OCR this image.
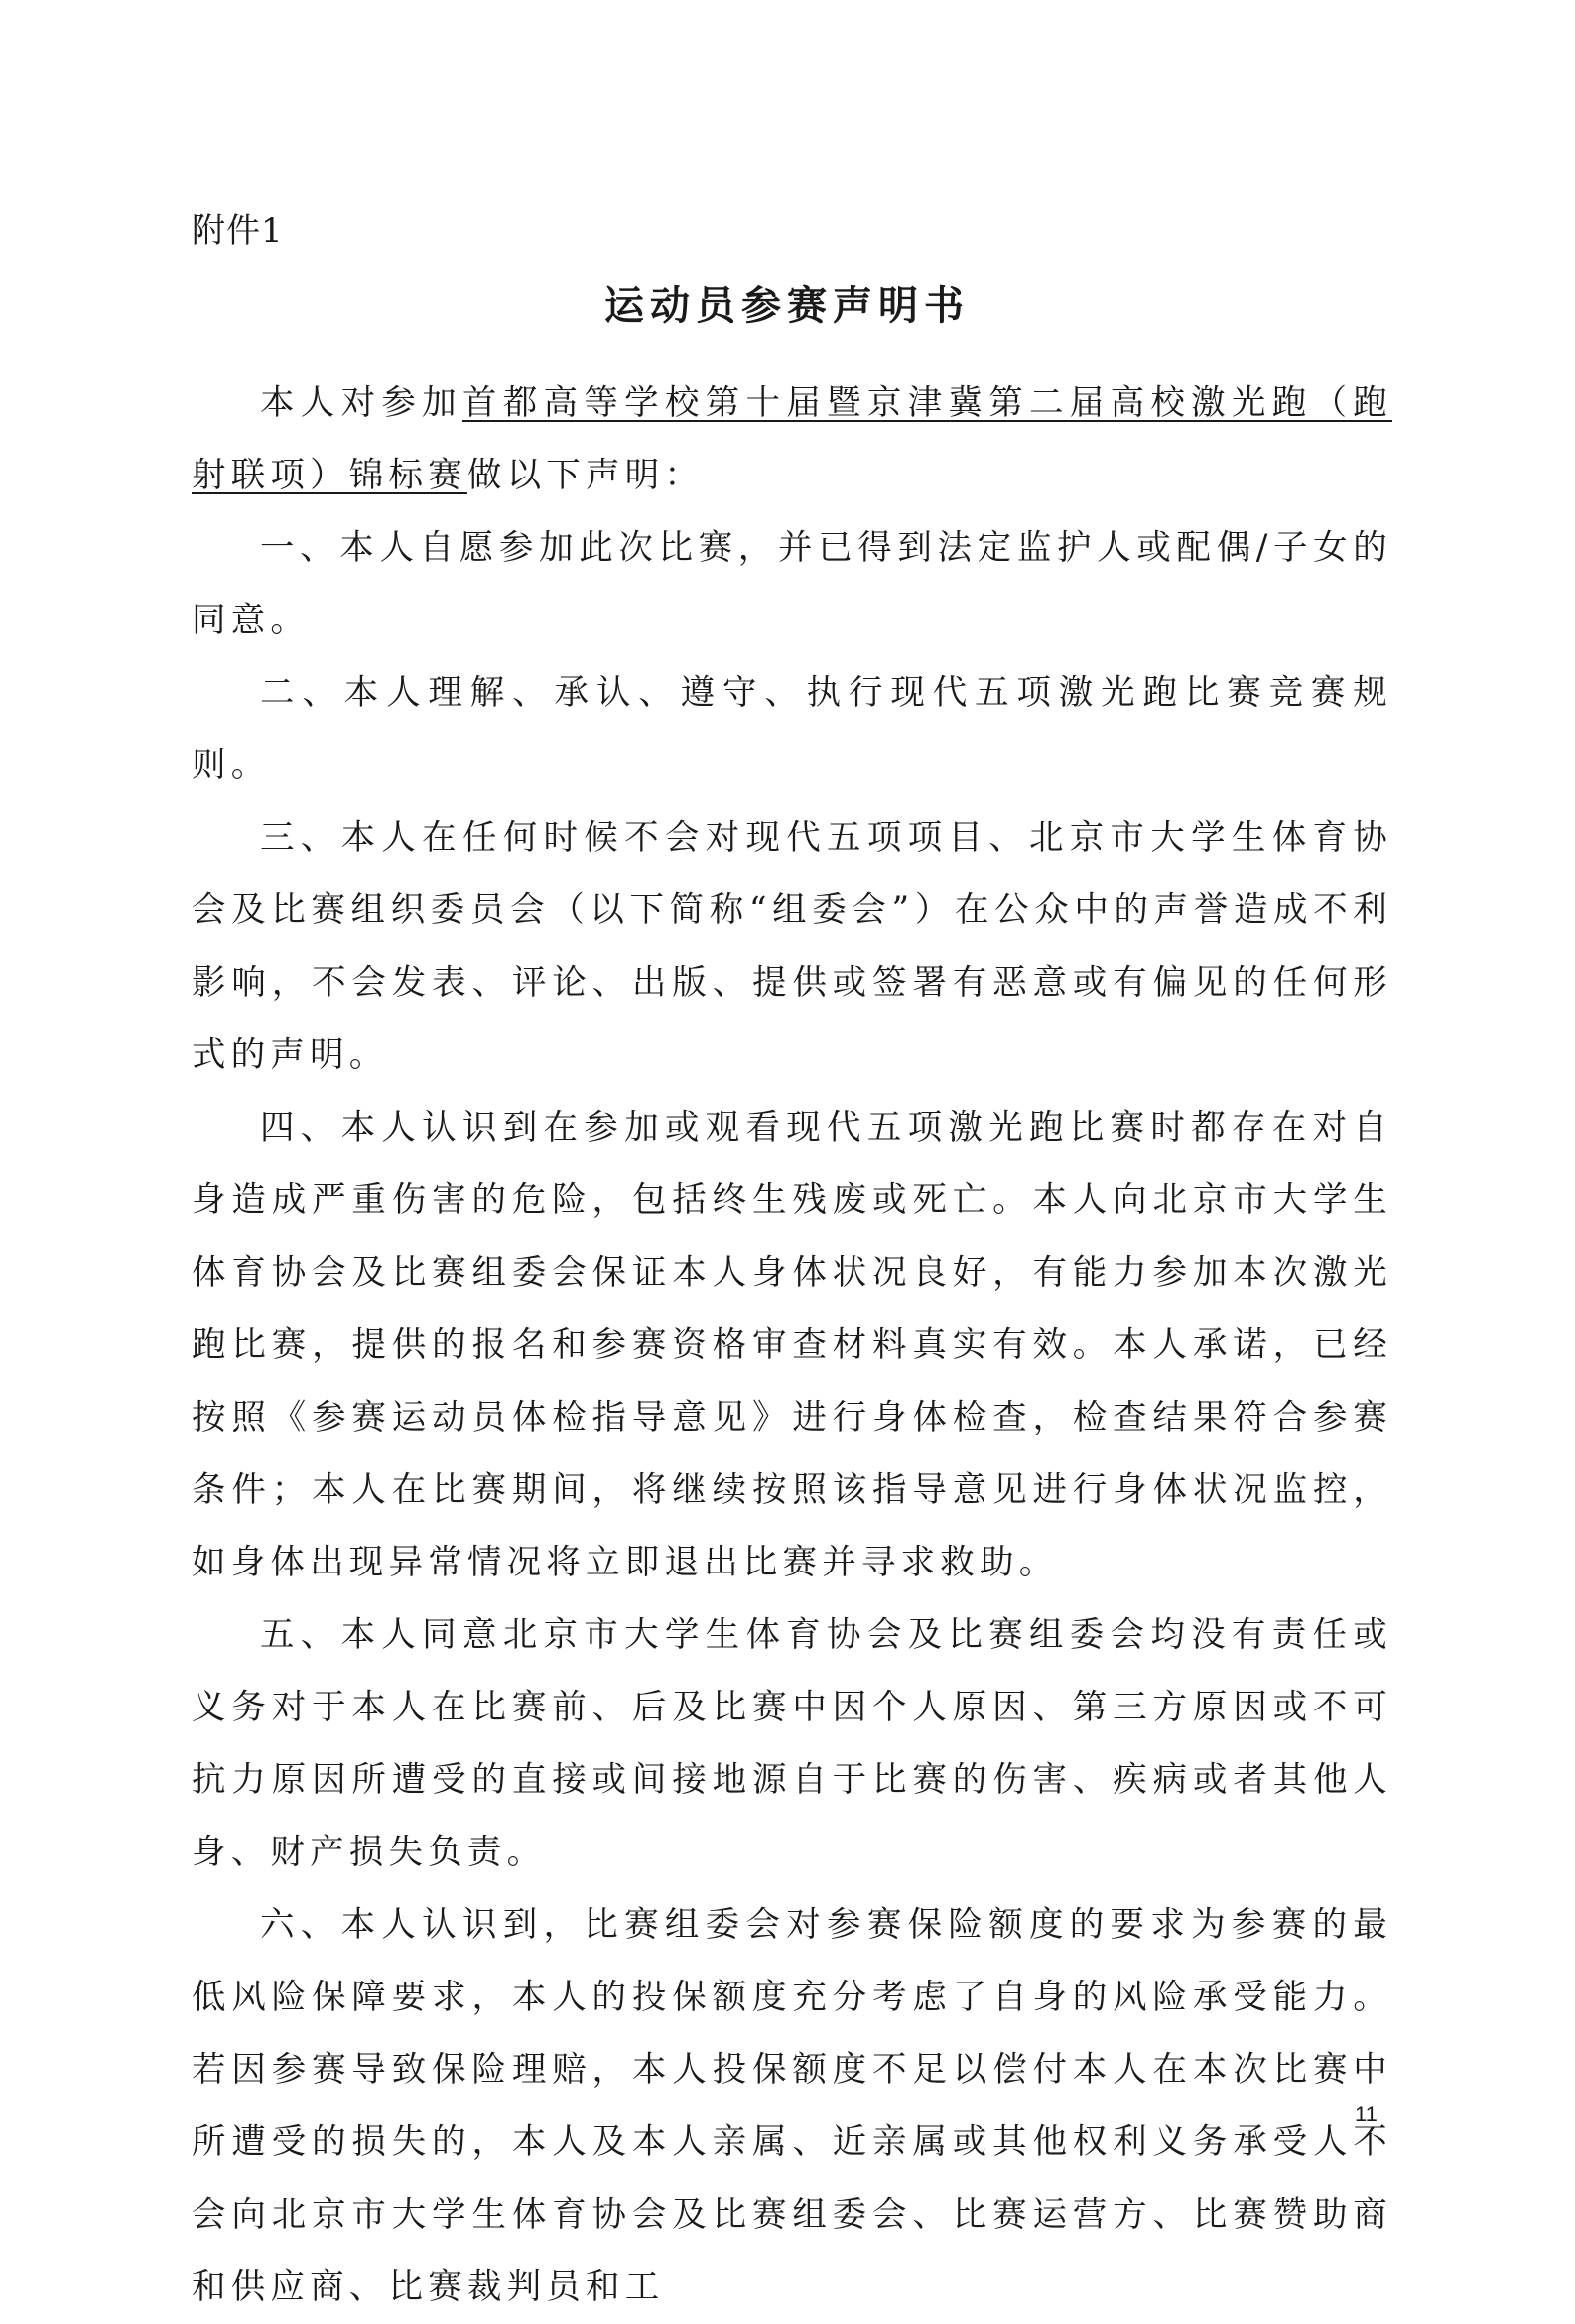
附件1
运动员参赛声明书

本人对参加首都高等学校第十届暨京津冀第二届高校激光跑（跑射联项）锦标赛做以下声明：

一、本人自愿参加此次比赛，并已得到法定监护人或配偶/子女的同意。

二、本人理解、承认、遵守、执行现代五项激光跑比赛竞赛规则。

三、本人在任何时候不会对现代五项项目、北京市大学生体育协会及比赛组织委员会（以下简称“组委会”）在公众中的声誉造成不利影响，不会发表、评论、出版、提供或签署有恶意或有偏见的任何形式的声明。

四、本人认识到在参加或观看现代五项激光跑比赛时都存在对自身造成严重伤害的危险，包括终生残废或死亡。本人向北京市大学生体育协会及比赛组委会保证本人身体状况良好，有能力参加本次激光跑比赛，提供的报名和参赛资格审查材料真实有效。本人承诺，已经按照《参赛运动员体检指导意见》进行身体检查，检查结果符合参赛条件；本人在比赛期间，将继续按照该指导意见进行身体状况监控，如身体出现异常情况将立即退出比赛并寻求救助。

五、本人同意北京市大学生体育协会及比赛组委会均没有责任或义务对于本人在比赛前、后及比赛中因个人原因、第三方原因或不可抗力原因所遭受的直接或间接地源自于比赛的伤害、疾病或者其他人身、财产损失负责。

六、本人认识到，比赛组委会对参赛保险额度的要求为参赛的最低风险保障要求，本人的投保额度充分考虑了自身的风险承受能力。若因参赛导致保险理赔，本人投保额度不足以偿付本人在本次比赛中所遭受的损失的，本人及本人亲属、近亲属或其他权利义务承受人不会向北京市大学生体育协会及比赛组委会、比赛运营方、比赛赞助商和供应商、比赛裁判员和工

11
